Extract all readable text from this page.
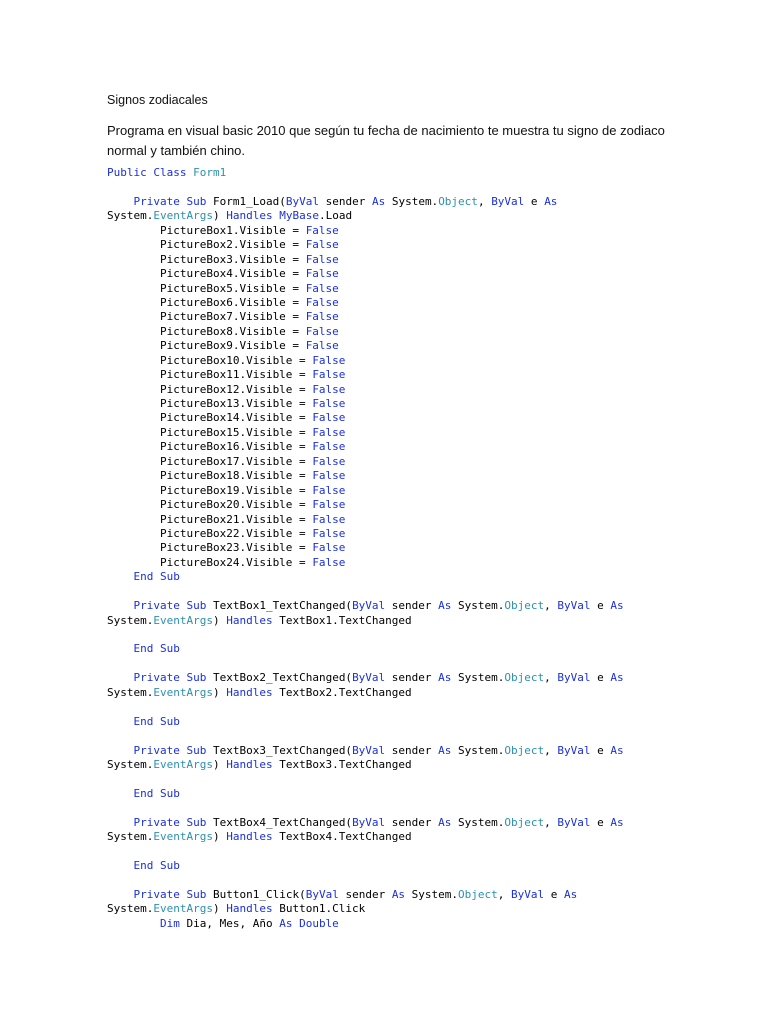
Signos zodiacales
Programa en visual basic 2010 que según tu fecha de nacimiento te muestra tu signo de zodiaco normal y también chino.
Public Class Form1
Private Sub Form1_Load(ByVal sender As System.Object, ByVal e As
System.EventArgs) Handles MyBase.Load
PictureBox1.Visible = False
PictureBox2.Visible = False
PictureBox3.Visible = False
PictureBox4.Visible = False
PictureBox5.Visible = False
PictureBox6.Visible = False
PictureBox7.Visible = False
PictureBox8.Visible = False
PictureBox9.Visible = False
PictureBox10.Visible = False
PictureBox11.Visible = False
PictureBox12.Visible = False
PictureBox13.Visible = False
PictureBox14.Visible = False
PictureBox15.Visible = False
PictureBox16.Visible = False
PictureBox17.Visible = False
PictureBox18.Visible = False
PictureBox19.Visible = False
PictureBox20.Visible = False
PictureBox21.Visible = False
PictureBox22.Visible = False
PictureBox23.Visible = False
PictureBox24.Visible = False
End Sub
Private Sub TextBox1_TextChanged(ByVal sender As System.Object, ByVal e As
System.EventArgs) Handles TextBox1.TextChanged
End Sub
Private Sub TextBox2_TextChanged(ByVal sender As System.Object, ByVal e As
System.EventArgs) Handles TextBox2.TextChanged
End Sub
Private Sub TextBox3_TextChanged(ByVal sender As System.Object, ByVal e As
System.EventArgs) Handles TextBox3.TextChanged
End Sub
Private Sub TextBox4_TextChanged(ByVal sender As System.Object, ByVal e As
System.EventArgs) Handles TextBox4.TextChanged
End Sub
Private Sub Button1_Click(ByVal sender As System.Object, ByVal e As
System.EventArgs) Handles Button1.Click
Dim Dia, Mes, Año As Double
